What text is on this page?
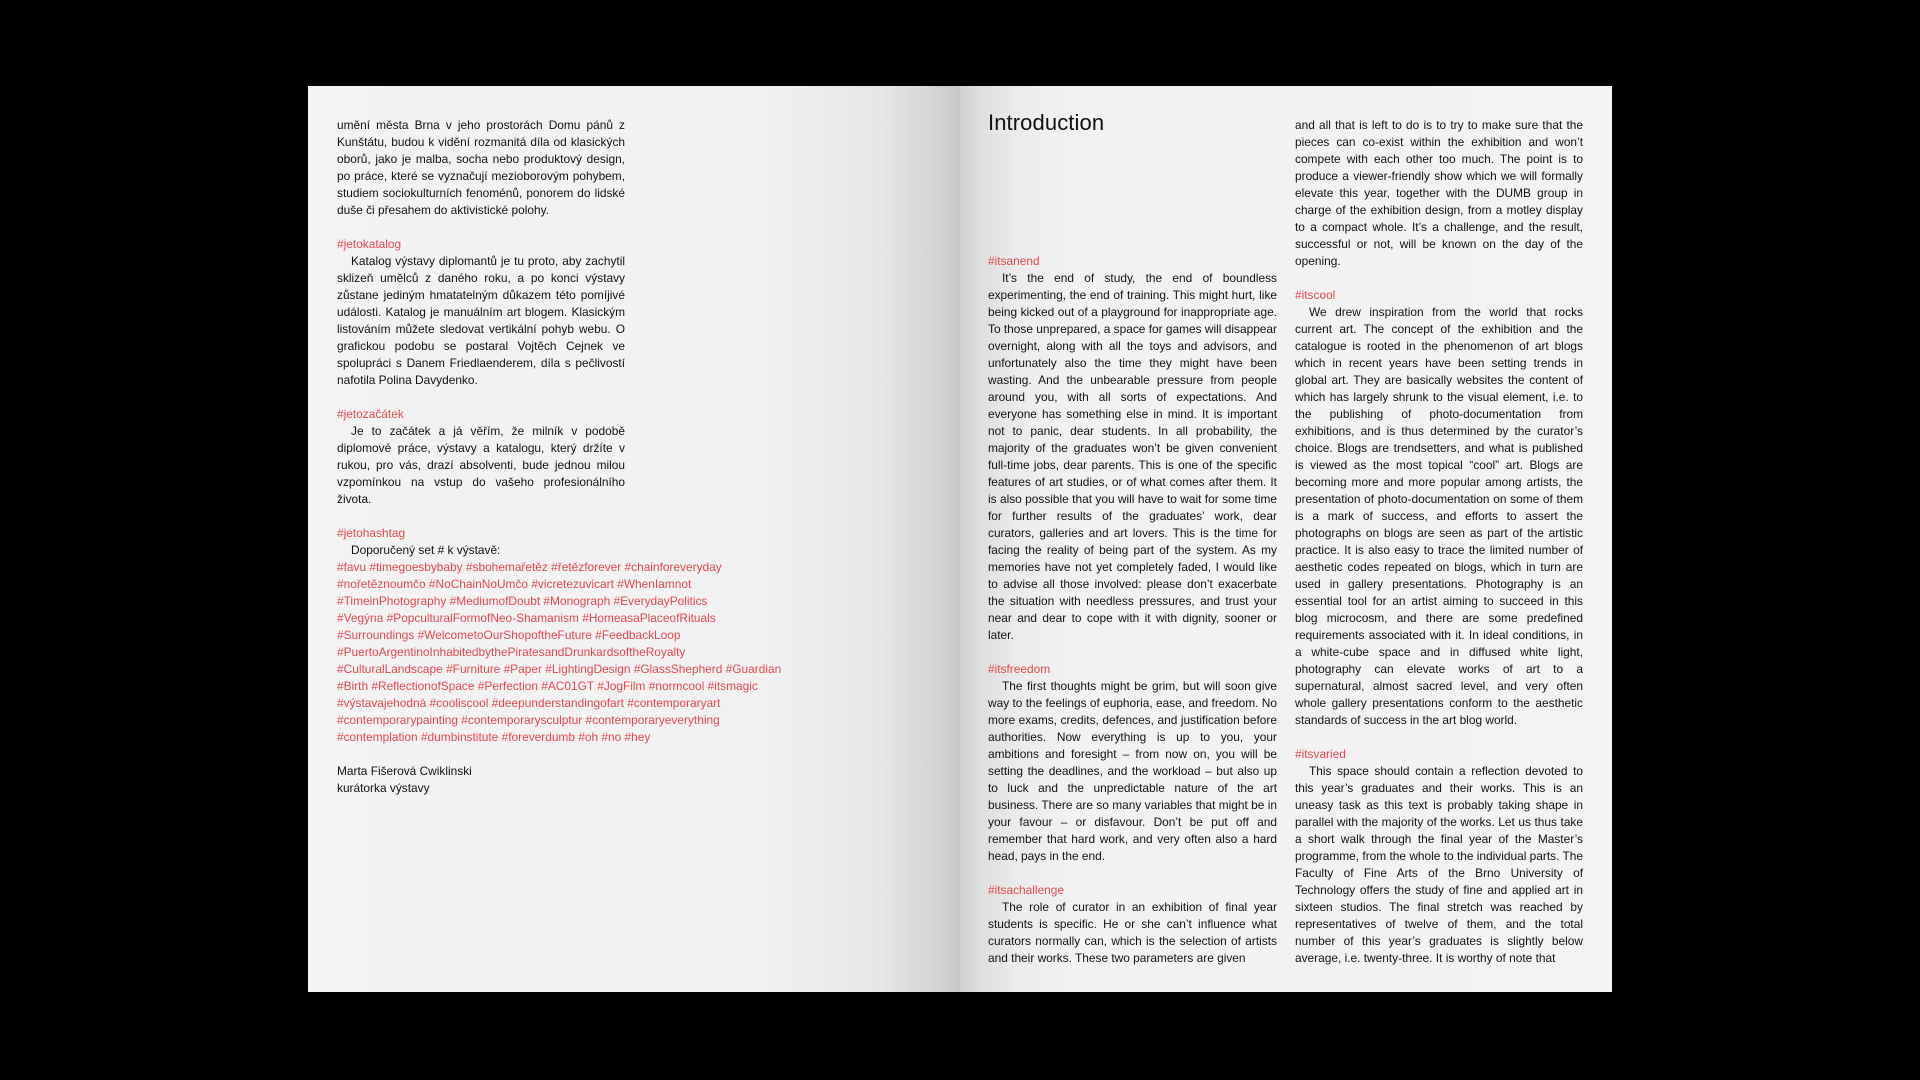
umění města Brna v jeho prostorách Domu pánů z Kunštátu, budou k vidění rozmanitá díla od klasických oborů, jako je malba, socha nebo produktový design, po práce, které se vyznačují mezioborovým pohybem, studiem sociokulturních fenoménů, ponorem do lidské duše či přesahem do aktivistické polohy.

#jetokatalog

Katalog výstavy diplomantů je tu proto, aby zachytil sklizeň umělců z daného roku, a po konci výstavy zůstane jediným hmatatelným důkazem této pomíjivé události. Katalog je manuálním art blogem. Klasickým listováním můžete sledovat vertikální pohyb webu. O grafickou podobu se postaral Vojtěch Cejnek ve spolupráci s Danem Friedlaenderem, díla s pečlivostí nafotila Polina Davydenko.

#jetozačátek

Je to začátek a já věřím, že milník v podobě diplomové práce, výstavy a katalogu, který držíte v rukou, pro vás, drazí absolventi, bude jednou milou vzpomínkou na vstup do vašeho profesionálního života.

#jetohashtag

Doporučený set # k výstavě:

#favu #timegoesbybaby #sbohemařetěz #řetězforever #chainforeveryday
#nořetěznoumčo #NoChainNoUmčo #vicretezuvicart #WhenIamnot
#TimeinPhotography #MediumofDoubt #Monograph #EverydayPolitics
#Vegýna #PopculturalFormofNeo-Shamanism #HomeasaPlaceofRituals
#Surroundings #WelcometoOurShopoftheFuture #FeedbackLoop
#PuertoArgentinoInhabitedbythePiratesandDrunkardsoftheRoyalty
#CulturalLandscape #Furniture #Paper #LightingDesign #GlassShepherd #Guardian
#Birth #ReflectionofSpace #Perfection #AC01GT #JogFilm #normcool #itsmagic
#výstavajehodná #cooliscool #deepunderstandingofart #contemporaryart
#contemporarypainting #contemporarysculptur #contemporaryeverything
#contemplation #dumbinstitute #foreverdumb #oh #no #hey

Marta Fišerová Cwiklinski

kurátorka výstavy

Introduction

#itsanend

It’s the end of study, the end of boundless experimenting, the end of training. This might hurt, like being kicked out of a playground for inappropriate age. To those unprepared, a space for games will disappear overnight, along with all the toys and advisors, and unfortunately also the time they might have been wasting. And the unbearable pressure from people around you, with all sorts of expectations. And everyone has something else in mind. It is important not to panic, dear students. In all probability, the majority of the graduates won’t be given convenient full-time jobs, dear parents. This is one of the specific features of art studies, or of what comes after them. It is also possible that you will have to wait for some time for further results of the graduates’ work, dear curators, galleries and art lovers. This is the time for facing the reality of being part of the system. As my memories have not yet completely faded, I would like to advise all those involved: please don’t exacerbate the situation with needless pressures, and trust your near and dear to cope with it with dignity, sooner or later.

#itsfreedom

The first thoughts might be grim, but will soon give way to the feelings of euphoria, ease, and freedom. No more exams, credits, defences, and justification before authorities. Now everything is up to you, your ambitions and foresight – from now on, you will be setting the deadlines, and the workload – but also up to luck and the unpredictable nature of the art business. There are so many variables that might be in your favour – or disfavour. Don’t be put off and remember that hard work, and very often also a hard head, pays in the end.

#itsachallenge

The role of curator in an exhibition of final year students is specific. He or she can’t influence what curators normally can, which is the selection of artists and their works. These two parameters are given

and all that is left to do is to try to make sure that the pieces can co-exist within the exhibition and won’t compete with each other too much. The point is to produce a viewer-friendly show which we will formally elevate this year, together with the DUMB group in charge of the exhibition design, from a motley display to a compact whole. It’s a challenge, and the result, successful or not, will be known on the day of the opening.

#itscool

We drew inspiration from the world that rocks current art. The concept of the exhibition and the catalogue is rooted in the phenomenon of art blogs which in recent years have been setting trends in global art. They are basically websites the content of which has largely shrunk to the visual element, i.e. to the publishing of photo-documentation from exhibitions, and is thus determined by the curator’s choice. Blogs are trendsetters, and what is published is viewed as the most topical “cool” art. Blogs are becoming more and more popular among artists, the presentation of photo-documentation on some of them is a mark of success, and efforts to assert the photographs on blogs are seen as part of the artistic practice. It is also easy to trace the limited number of aesthetic codes repeated on blogs, which in turn are used in gallery presentations. Photography is an essential tool for an artist aiming to succeed in this blog microcosm, and there are some predefined requirements associated with it. In ideal conditions, in a white-cube space and in diffused white light, photography can elevate works of art to a supernatural, almost sacred level, and very often whole gallery presentations conform to the aesthetic standards of success in the art blog world.

#itsvaried

This space should contain a reflection devoted to this year’s graduates and their works. This is an uneasy task as this text is probably taking shape in parallel with the majority of the works. Let us thus take a short walk through the final year of the Master’s programme, from the whole to the individual parts. The Faculty of Fine Arts of the Brno University of Technology offers the study of fine and applied art in sixteen studios. The final stretch was reached by representatives of twelve of them, and the total number of this year’s graduates is slightly below average, i.e. twenty-three. It is worthy of note that
